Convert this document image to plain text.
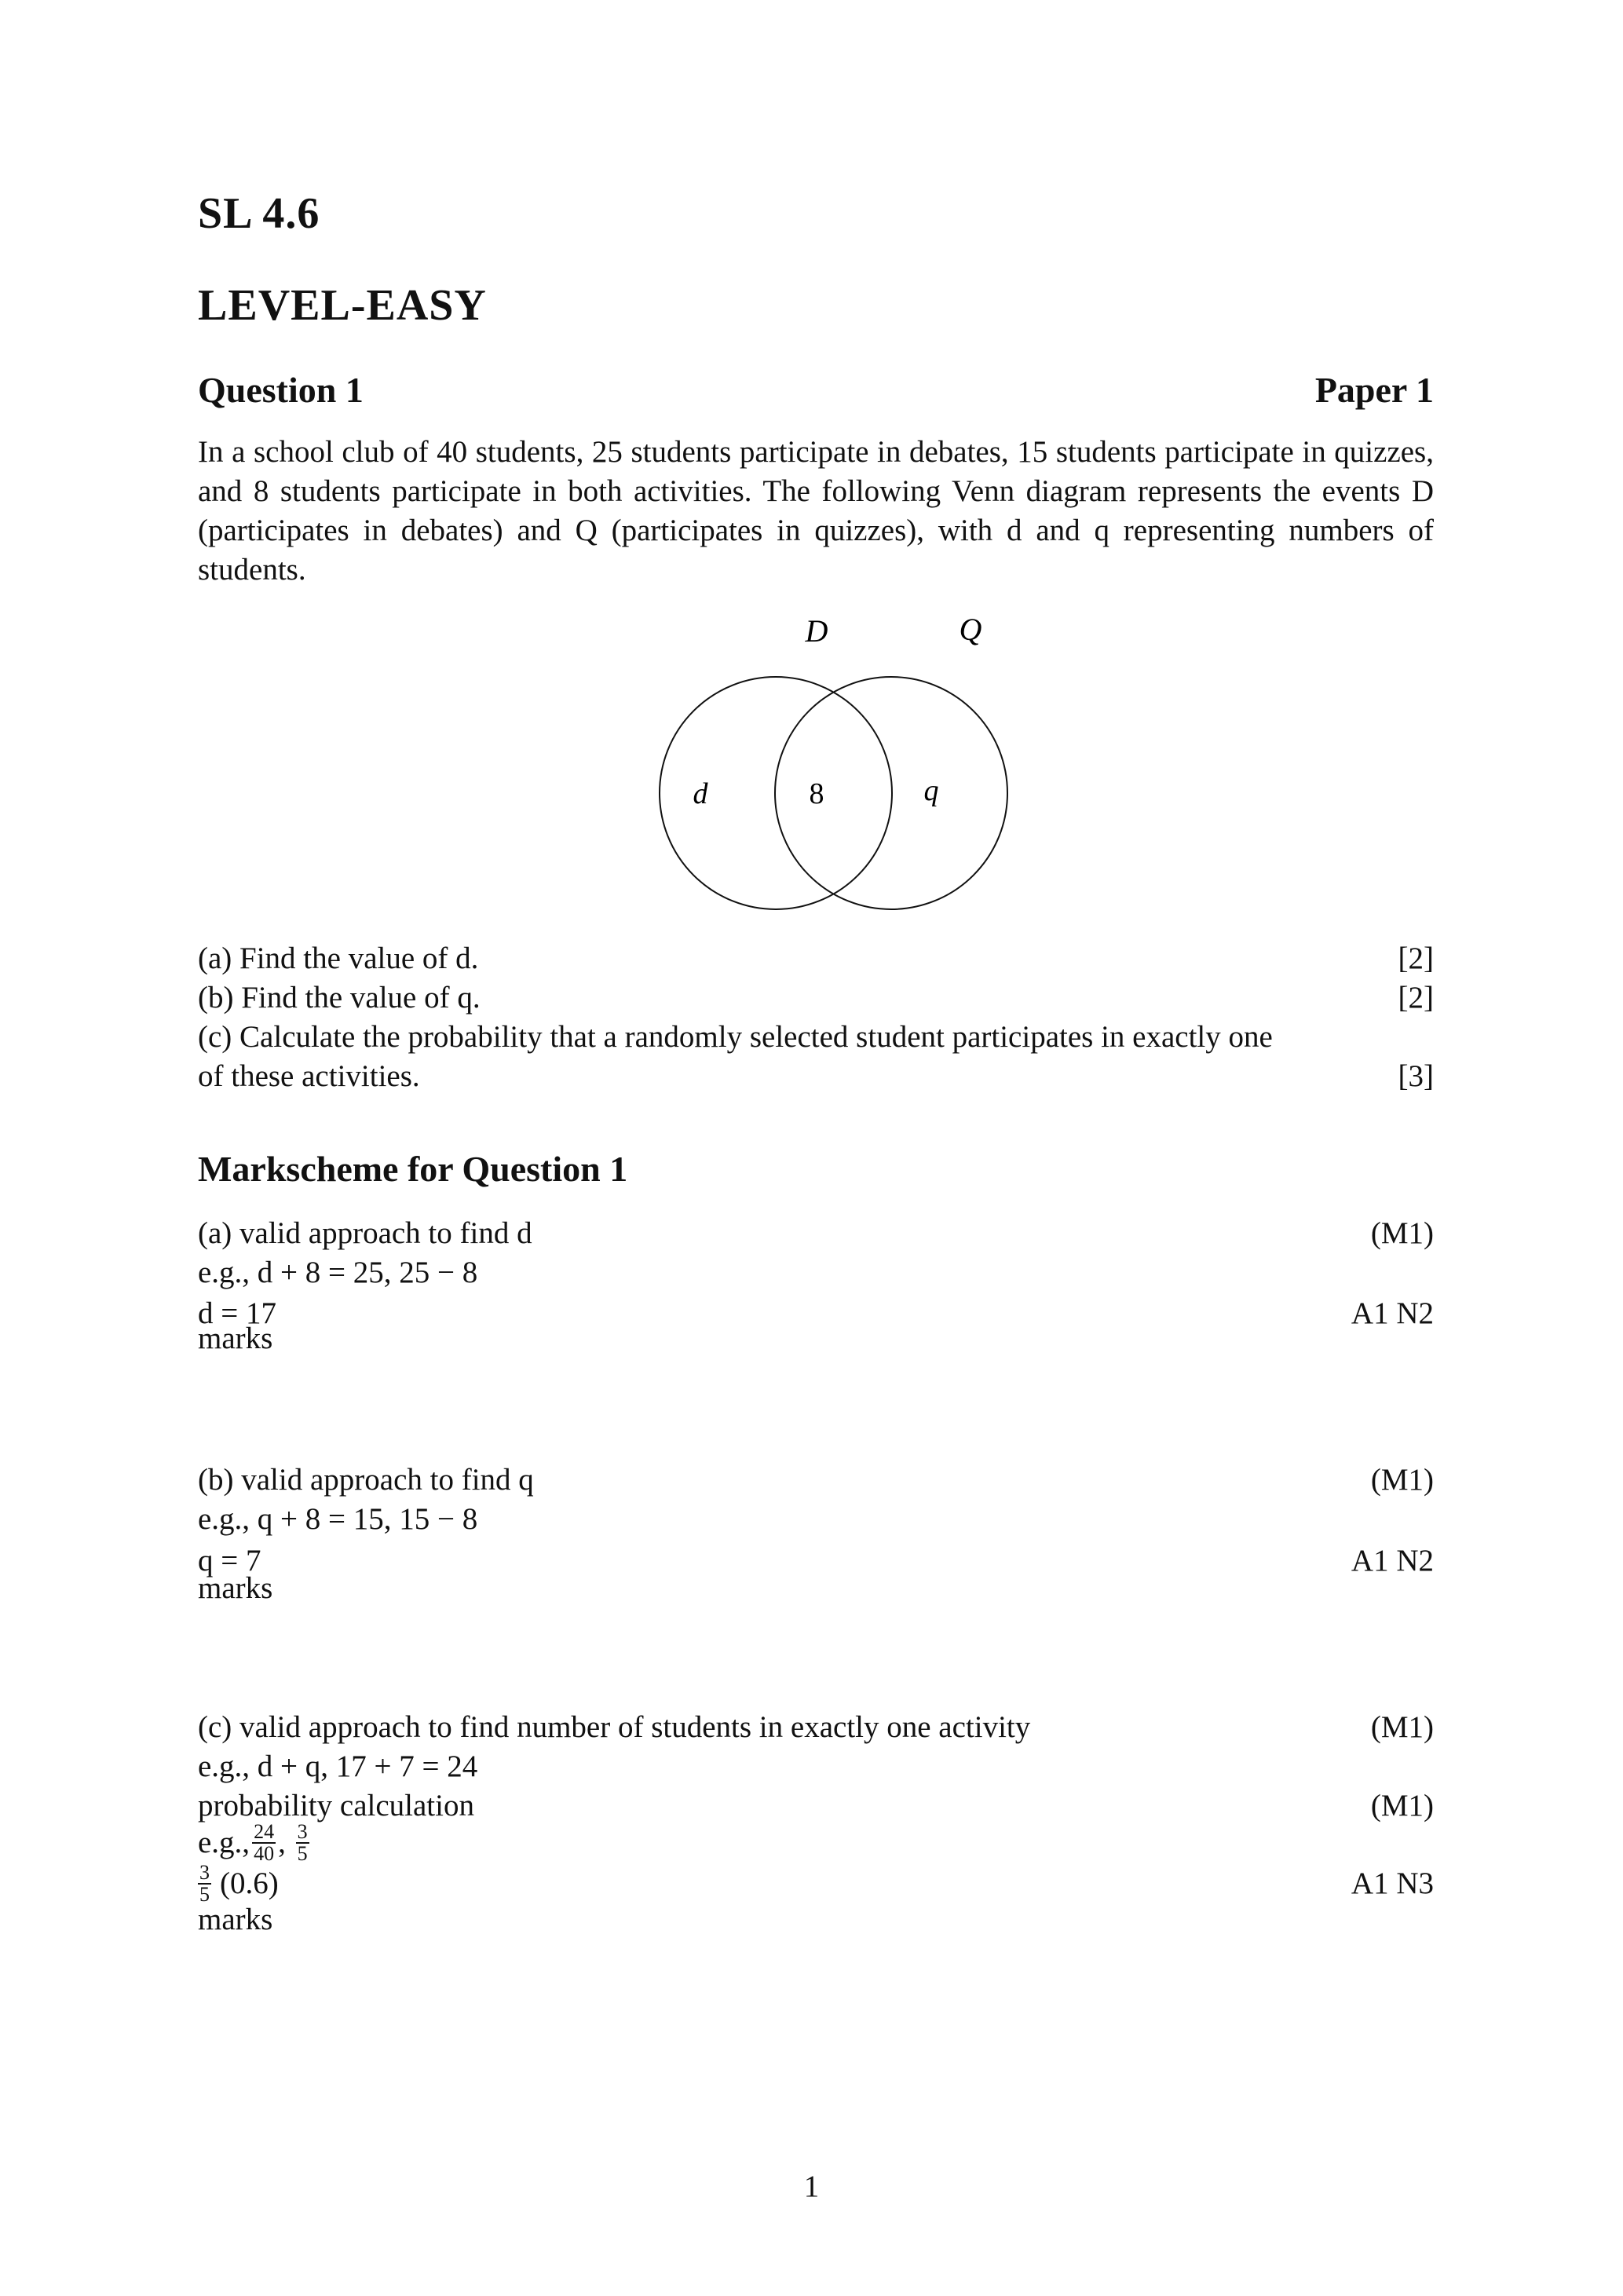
SL 4.6
LEVEL-EASY
Question 1	Paper 1
In a school club of 40 students, 25 students participate in debates, 15 students participate in quizzes, and 8 students participate in both activities. The following Venn diagram represents the events D (participates in debates) and Q (participates in quizzes), with d and q representing numbers of students.
D	Q
d	8	q
(a) Find the value of d.	[2]
(b) Find the value of q.	[2]
(c) Calculate the probability that a randomly selected student participates in exactly one
of these activities.	[3]
Markscheme for Question 1
(a) valid approach to find d	(M1)
e.g., d + 8 = 25, 25 − 8
d = 17	A1 N2
marks
(b) valid approach to find q	(M1)
e.g., q + 8 = 15, 15 − 8
q = 7	A1 N2
marks
(c) valid approach to find number of students in exactly one activity	(M1)
e.g., d + q, 17 + 7 = 24
probability calculation	(M1)
e.g., $\frac{24}{40}$ , $\frac{3}{5}$
$\frac{3}{5} (0.6)$	A1 N3
marks
1
